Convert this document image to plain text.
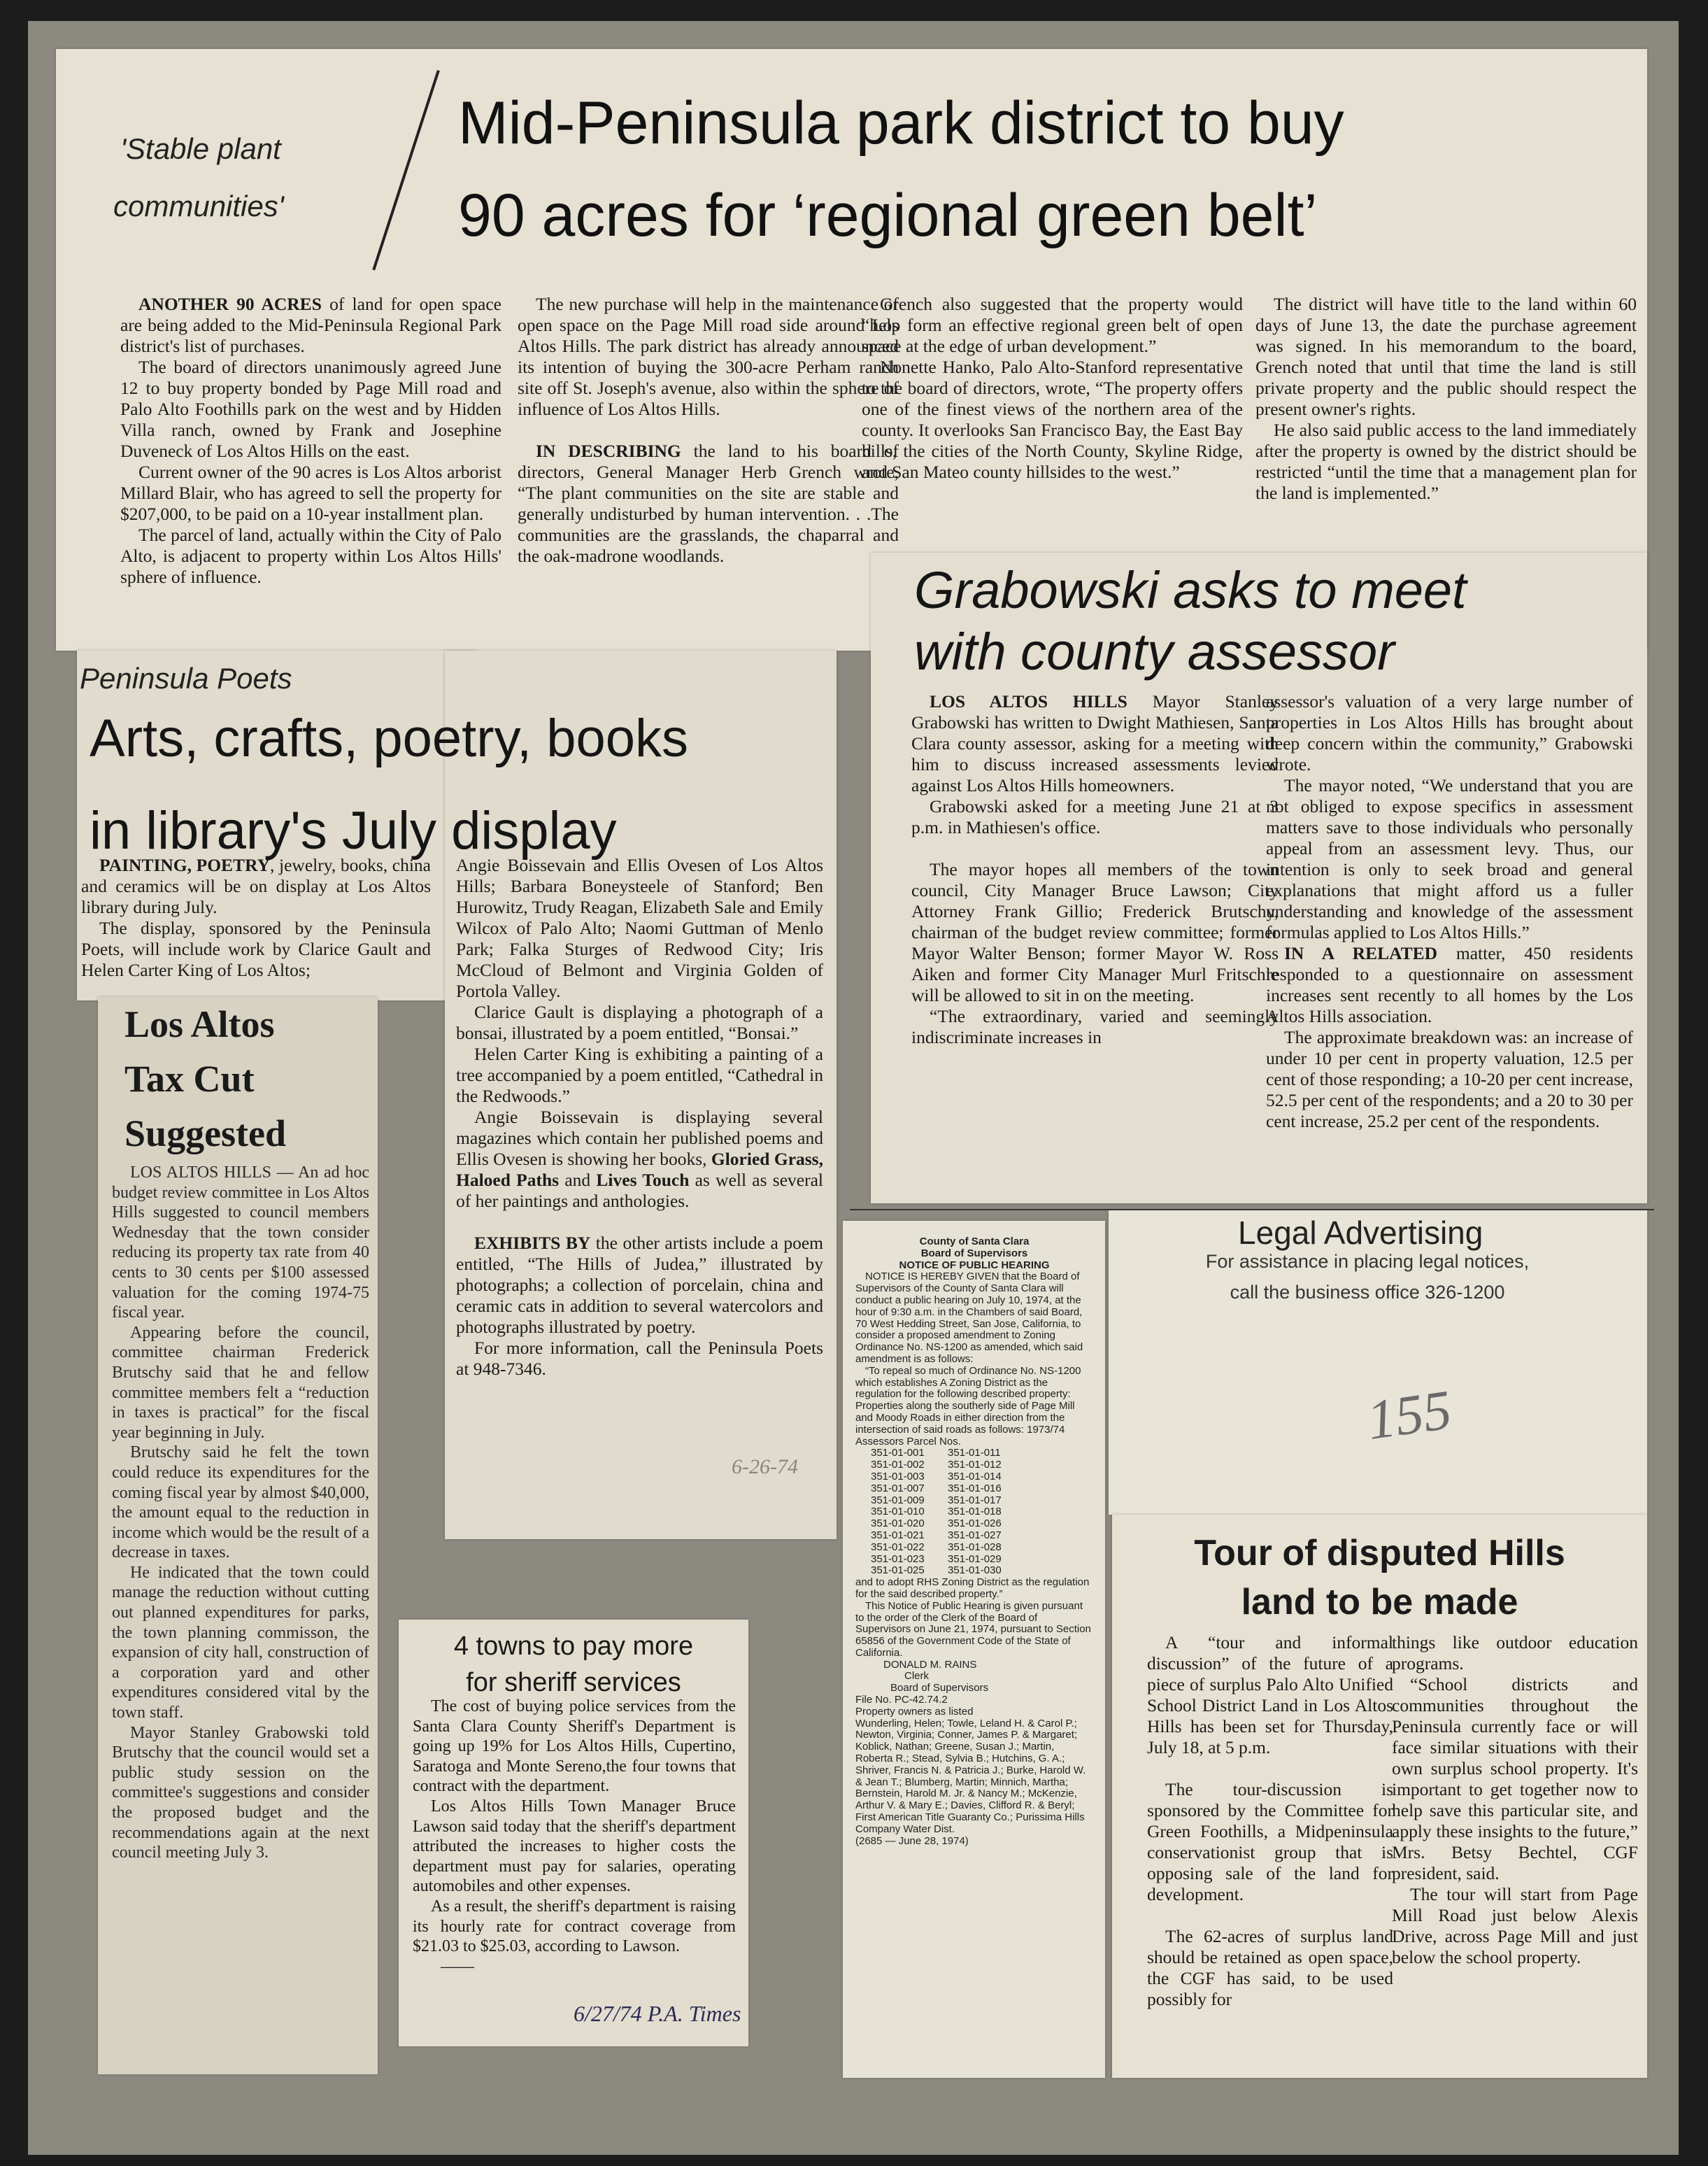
'Stable plant
communities'
Mid-Peninsula park district to buy
90 acres for ‘regional green belt’

ANOTHER 90 ACRES of land for open space are being added to the Mid-Peninsula Regional Park district's list of purchases.

The board of directors unanimously agreed June 12 to buy property bonded by Page Mill road and Palo Alto Foothills park on the west and by Hidden Villa ranch, owned by Frank and Josephine Duveneck of Los Altos Hills on the east.

Current owner of the 90 acres is Los Altos arborist Millard Blair, who has agreed to sell the property for $207,000, to be paid on a 10-year installment plan.

The parcel of land, actually within the City of Palo Alto, is adjacent to property within Los Altos Hills' sphere of influence.

The new purchase will help in the maintenance of open space on the Page Mill road side around Los Altos Hills. The park district has already announced its intention of buying the 300-acre Perham ranch site off St. Joseph's avenue, also within the sphere of influence of Los Altos Hills.

IN DESCRIBING the land to his board of directors, General Manager Herb Grench wrote, “The plant communities on the site are stable and generally undisturbed by human intervention. . .The communities are the grasslands, the chaparral and the oak-madrone woodlands.

Grench also suggested that the property would “help form an effective regional green belt of open space at the edge of urban development.”

Nonette Hanko, Palo Alto-Stanford representative to the board of directors, wrote, “The property offers one of the finest views of the northern area of the county. It overlooks San Francisco Bay, the East Bay hills, the cities of the North County, Skyline Ridge, and San Mateo county hillsides to the west.”

The district will have title to the land within 60 days of June 13, the date the purchase agreement was signed. In his memorandum to the board, Grench noted that until that time the land is still private property and the public should respect the present owner's rights.

He also said public access to the land immediately after the property is owned by the district should be restricted “until the time that a management plan for the land is implemented.”

Grabowski asks to meet
with county assessor

LOS ALTOS HILLS Mayor Stanley Grabowski has written to Dwight Mathiesen, Santa Clara county assessor, asking for a meeting with him to discuss increased assessments levied against Los Altos Hills homeowners.

Grabowski asked for a meeting June 21 at 3 p.m. in Mathiesen's office.

The mayor hopes all members of the town council, City Manager Bruce Lawson; City Attorney Frank Gillio; Frederick Brutschy, chairman of the budget review committee; former Mayor Walter Benson; former Mayor W. Ross Aiken and former City Manager Murl Fritschle will be allowed to sit in on the meeting.

“The extraordinary, varied and seemingly indiscriminate increases in

assessor's valuation of a very large number of properties in Los Altos Hills has brought about deep concern within the community,” Grabowski wrote.

The mayor noted, “We understand that you are not obliged to expose specifics in assessment matters save to those individuals who personally appeal from an assessment levy. Thus, our intention is only to seek broad and general explanations that might afford us a fuller understanding and knowledge of the assessment formulas applied to Los Altos Hills.”

IN A RELATED matter, 450 residents responded to a questionnaire on assessment increases sent recently to all homes by the Los Altos Hills association.

The approximate breakdown was: an increase of under 10 per cent in property valuation, 12.5 per cent of those responding; a 10-20 per cent increase, 52.5 per cent of the respondents; and a 20 to 30 per cent increase, 25.2 per cent of the respondents.

Peninsula Poets

PAINTING, POETRY, jewelry, books, china and ceramics will be on display at Los Altos library during July.

The display, sponsored by the Peninsula Poets, will include work by Clarice Gault and Helen Carter King of Los Altos;

Angie Boissevain and Ellis Ovesen of Los Altos Hills; Barbara Boneysteele of Stanford; Ben Hurowitz, Trudy Reagan, Elizabeth Sale and Emily Wilcox of Palo Alto; Naomi Guttman of Menlo Park; Falka Sturges of Redwood City; Iris McCloud of Belmont and Virginia Golden of Portola Valley.

Clarice Gault is displaying a photograph of a bonsai, illustrated by a poem entitled, “Bonsai.”

Helen Carter King is exhibiting a painting of a tree accompanied by a poem entitled, “Cathedral in the Redwoods.”

Angie Boissevain is displaying several magazines which contain her published poems and Ellis Ovesen is showing her books, Gloried Grass, Haloed Paths and Lives Touch as well as several of her paintings and anthologies.

EXHIBITS BY the other artists include a poem entitled, “The Hills of Judea,” illustrated by photographs; a collection of porcelain, china and ceramic cats in addition to several watercolors and photographs illustrated by poetry.

For more information, call the Peninsula Poets at 948-7346.

6-26-74
Arts, crafts, poetry, books
in library's July display
Los Altos
Tax Cut
Suggested

LOS ALTOS HILLS — An ad hoc budget review committee in Los Altos Hills suggested to council members Wednesday that the town consider reducing its property tax rate from 40 cents to 30 cents per $100 assessed valuation for the coming 1974-75 fiscal year.

Appearing before the council, committee chairman Frederick Brutschy said that he and fellow committee members felt a “reduction in taxes is practical” for the fiscal year beginning in July.

Brutschy said he felt the town could reduce its expenditures for the coming fiscal year by almost $40,000, the amount equal to the reduction in income which would be the result of a decrease in taxes.

He indicated that the town could manage the reduction without cutting out planned expenditures for parks, the town planning commisson, the expansion of city hall, construction of a corporation yard and other expenditures considered vital by the town staff.

Mayor Stanley Grabowski told Brutschy that the council would set a public study session on the committee's suggestions and consider the proposed budget and the recommendations again at the next council meeting July 3.

4 towns to pay more
for sheriff services

The cost of buying police services from the Santa Clara County Sheriff's Department is going up 19% for Los Altos Hills, Cupertino, Saratoga and Monte Sereno,the four towns that contract with the department.

Los Altos Hills Town Manager Bruce Lawson said today that the sheriff's department attributed the increases to higher costs the department must pay for salaries, operating automobiles and other expenses.

As a result, the sheriff's department is raising its hourly rate for contract coverage from $21.03 to $25.03, according to Lawson.

——
6/27/74 P.A. Times
County of Santa Clara
Board of Supervisors
NOTICE OF PUBLIC HEARING
NOTICE IS HEREBY GIVEN that the Board of Supervisors of the County of Santa Clara will conduct a public hearing on July 10, 1974, at the hour of 9:30 a.m. in the Chambers of said Board, 70 West Hedding Street, San Jose, California, to consider a proposed amendment to Zoning Ordinance No. NS-1200 as amended, which said amendment is as follows:
“To repeal so much of Ordinance No. NS-1200 which establishes A Zoning District as the regulation for the following described property: Properties along the southerly side of Page Mill and Moody Roads in either direction from the intersection of said roads as follows: 1973/74 Assessors Parcel Nos.
351-01-001	351-01-011
351-01-002	351-01-012
351-01-003	351-01-014
351-01-007	351-01-016
351-01-009	351-01-017
351-01-010	351-01-018
351-01-020	351-01-026
351-01-021	351-01-027
351-01-022	351-01-028
351-01-023	351-01-029
351-01-025	351-01-030
and to adopt RHS Zoning District as the regulation for the said described property.”
This Notice of Public Hearing is given pursuant to the order of the Clerk of the Board of Supervisors on June 21, 1974, pursuant to Section 65856 of the Government Code of the State of California.
DONALD M. RAINS
Clerk
Board of Supervisors
File No. PC-42.74.2
Property owners as listed
Wunderling, Helen; Towle, Leland H. & Carol P.; Newton, Virginia; Conner, James P. & Margaret; Koblick, Nathan; Greene, Susan J.; Martin, Roberta R.; Stead, Sylvia B.; Hutchins, G. A.; Shriver, Francis N. & Patricia J.; Burke, Harold W. & Jean T.; Blumberg, Martin; Minnich, Martha; Bernstein, Harold M. Jr. & Nancy M.; McKenzie, Arthur V. & Mary E.; Davies, Clifford R. & Beryl; First American Title Guaranty Co.; Purissima Hills Company Water Dist.
(2685 — June 28, 1974)
Legal Advertising
For assistance in placing legal notices,
call the business office 326-1200
155
Tour of disputed Hills
land to be made

A “tour and informal discussion” of the future of a piece of surplus Palo Alto Unified School District Land in Los Altos Hills has been set for Thursday, July 18, at 5 p.m.

The tour-discussion is sponsored by the Committee for Green Foothills, a Midpeninsula conservationist group that is opposing sale of the land for development.

The 62-acres of surplus land should be retained as open space, the CGF has said, to be used possibly for

things like outdoor education programs.

“School districts and communities throughout the Peninsula currently face or will face similar situations with their own surplus school property. It's important to get together now to help save this particular site, and apply these insights to the future,” Mrs. Betsy Bechtel, CGF president, said.

The tour will start from Page Mill Road just below Alexis Drive, across Page Mill and just below the school property.
